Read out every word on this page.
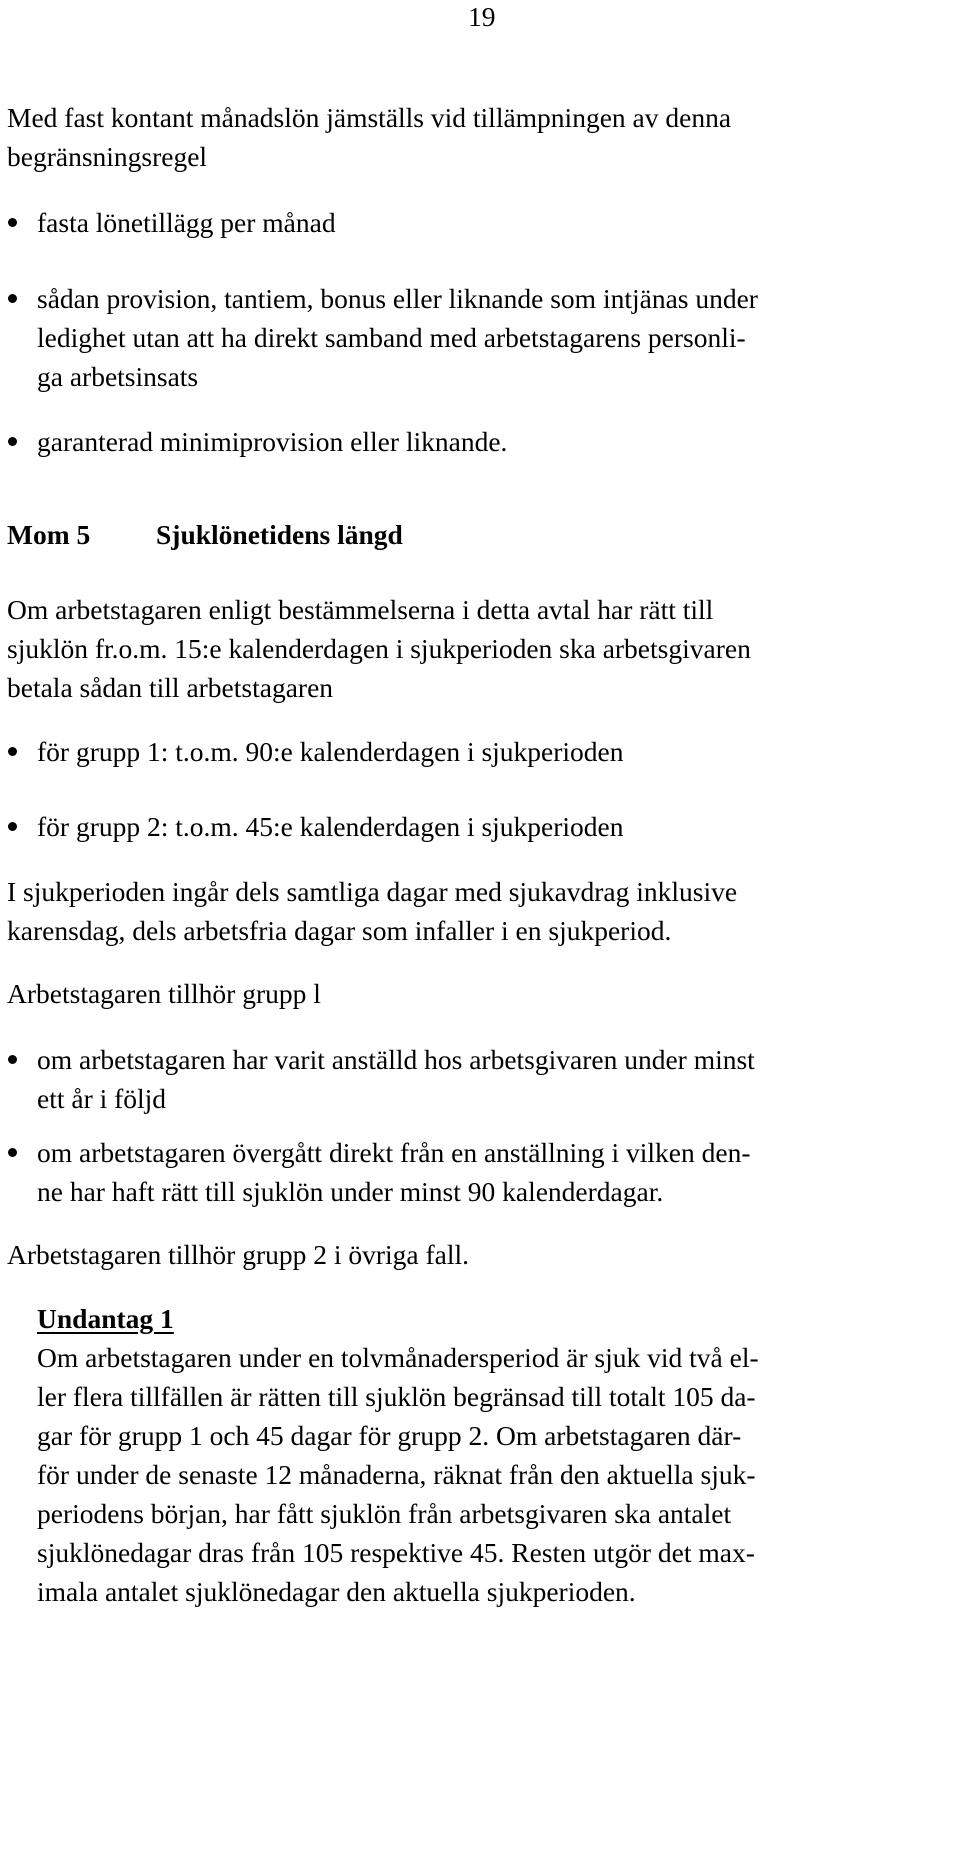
19
Med fast kontant månadslön jämställs vid tillämpningen av denna
begränsningsregel
fasta lönetillägg per månad
sådan provision, tantiem, bonus eller liknande som intjänas under
ledighet utan att ha direkt samband med arbetstagarens personli-
ga arbetsinsats
garanterad minimiprovision eller liknande.
Mom 5 Sjuklönetidens längd
Om arbetstagaren enligt bestämmelserna i detta avtal har rätt till
sjuklön fr.o.m. 15:e kalenderdagen i sjukperioden ska arbetsgivaren
betala sådan till arbetstagaren
för grupp 1: t.o.m. 90:e kalenderdagen i sjukperioden
för grupp 2: t.o.m. 45:e kalenderdagen i sjukperioden
I sjukperioden ingår dels samtliga dagar med sjukavdrag inklusive
karensdag, dels arbetsfria dagar som infaller i en sjukperiod.
Arbetstagaren tillhör grupp l
om arbetstagaren har varit anställd hos arbetsgivaren under minst
ett år i följd
om arbetstagaren övergått direkt från en anställning i vilken den-
ne har haft rätt till sjuklön under minst 90 kalenderdagar.
Arbetstagaren tillhör grupp 2 i övriga fall.
Undantag 1
Om arbetstagaren under en tolvmånadersperiod är sjuk vid två el-
ler flera tillfällen är rätten till sjuklön begränsad till totalt 105 da-
gar för grupp 1 och 45 dagar för grupp 2. Om arbetstagaren där-
för under de senaste 12 månaderna, räknat från den aktuella sjuk-
periodens början, har fått sjuklön från arbetsgivaren ska antalet
sjuklönedagar dras från 105 respektive 45. Resten utgör det max-
imala antalet sjuklönedagar den aktuella sjukperioden.
